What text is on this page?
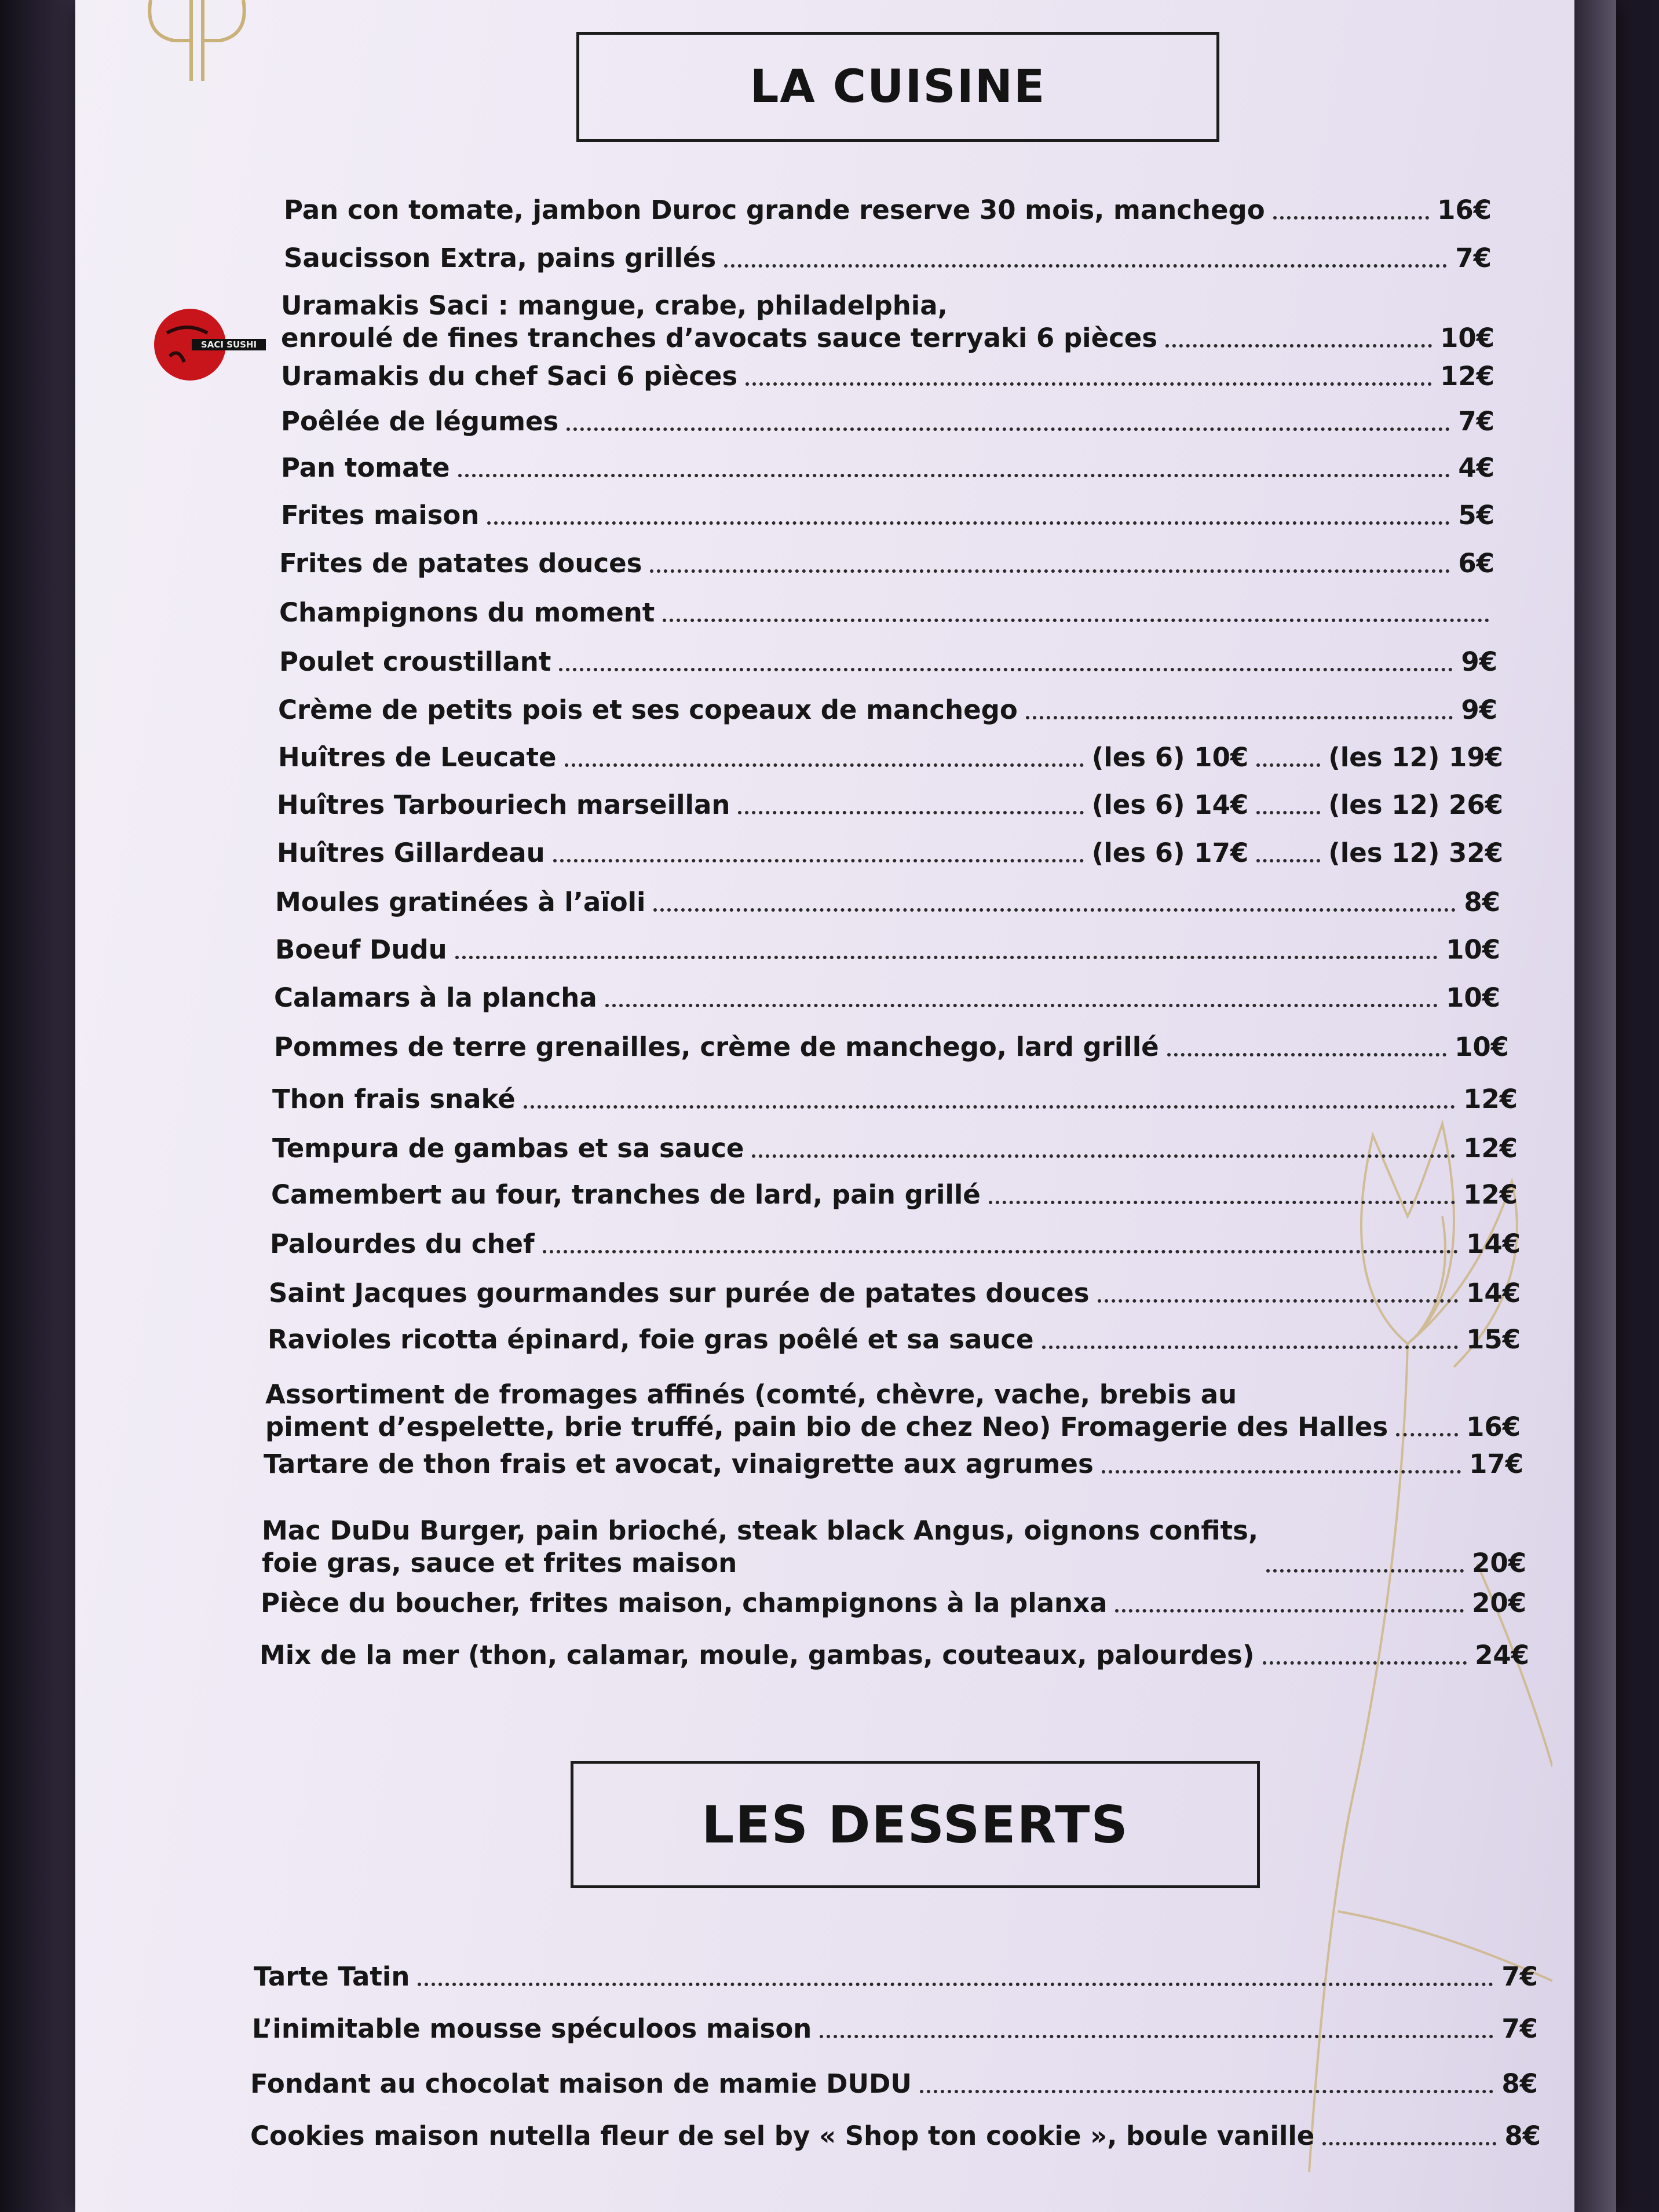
LA CUISINE
SACI SUSHI
Pan con tomate, jambon Duroc grande reserve 30 mois, manchego	16€
Saucisson Extra, pains grillés	7€
Uramakis Saci : mangue, crabe, philadelphia,
enroulé de fines tranches d’avocats sauce terryaki 6 pièces	10€
Uramakis du chef Saci 6 pièces	12€
Poêlée de légumes	7€
Pan tomate	4€
Frites maison	5€
Frites de patates douces	6€
Champignons du moment
Poulet croustillant	9€
Crème de petits pois et ses copeaux de manchego	9€
Huîtres de Leucate	(les 6) 10€	(les 12) 19€
Huîtres Tarbouriech marseillan	(les 6) 14€	(les 12) 26€
Huîtres Gillardeau	(les 6) 17€	(les 12) 32€
Moules gratinées à l’aïoli	8€
Boeuf Dudu	10€
Calamars à la plancha	10€
Pommes de terre grenailles, crème de manchego, lard grillé	10€
Thon frais snaké	12€
Tempura de gambas et sa sauce	12€
Camembert au four, tranches de lard, pain grillé	12€
Palourdes du chef	14€
Saint Jacques gourmandes sur purée de patates douces	14€
Ravioles ricotta épinard, foie gras poêlé et sa sauce	15€
Assortiment de fromages affinés (comté, chèvre, vache, brebis au
piment d’espelette, brie truffé, pain bio de chez Neo) Fromagerie des Halles	16€
Tartare de thon frais et avocat, vinaigrette aux agrumes	17€
Mac DuDu Burger, pain brioché, steak black Angus, oignons confits,
foie gras, sauce et frites maison	20€
Pièce du boucher, frites maison, champignons à la planxa	20€
Mix de la mer (thon, calamar, moule, gambas, couteaux, palourdes)	24€
Tarte Tatin	7€
L’inimitable mousse spéculoos maison	7€
Fondant au chocolat maison de mamie DUDU	8€
Cookies maison nutella fleur de sel by « Shop ton cookie », boule vanille	8€
LES DESSERTS
